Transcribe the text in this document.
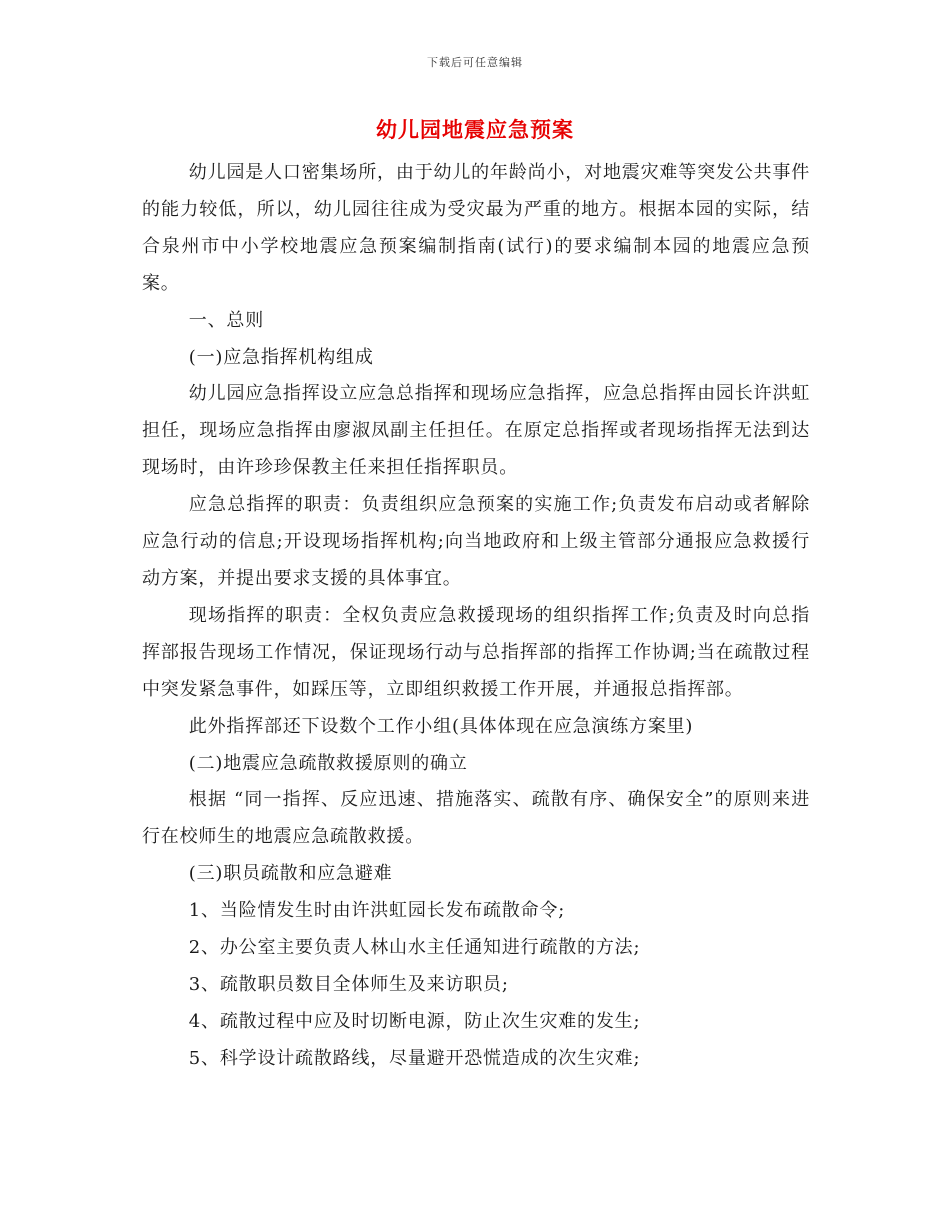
下载后可任意编辑
幼儿园地震应急预案

幼儿园是人口密集场所，由于幼儿的年龄尚小，对地震灾难等突发公共事件的能力较低，所以，幼儿园往往成为受灾最为严重的地方。根据本园的实际，结合泉州市中小学校地震应急预案编制指南(试行)的要求编制本园的地震应急预案。

一、总则

(一)应急指挥机构组成

幼儿园应急指挥设立应急总指挥和现场应急指挥，应急总指挥由园长许洪虹担任，现场应急指挥由廖淑凤副主任担任。在原定总指挥或者现场指挥无法到达现场时，由许珍珍保教主任来担任指挥职员。

应急总指挥的职责：负责组织应急预案的实施工作;负责发布启动或者解除应急行动的信息;开设现场指挥机构;向当地政府和上级主管部分通报应急救援行动方案，并提出要求支援的具体事宜。

现场指挥的职责：全权负责应急救援现场的组织指挥工作;负责及时向总指挥部报告现场工作情况，保证现场行动与总指挥部的指挥工作协调;当在疏散过程中突发紧急事件，如踩压等，立即组织救援工作开展，并通报总指挥部。

此外指挥部还下设数个工作小组(具体体现在应急演练方案里)

(二)地震应急疏散救援原则的确立

根据 “同一指挥、反应迅速、措施落实、疏散有序、确保安全”的原则来进行在校师生的地震应急疏散救援。

(三)职员疏散和应急避难

1、当险情发生时由许洪虹园长发布疏散命令;

2、办公室主要负责人林山水主任通知进行疏散的方法;

3、疏散职员数目全体师生及来访职员;

4、疏散过程中应及时切断电源，防止次生灾难的发生;

5、科学设计疏散路线，尽量避开恐慌造成的次生灾难;
